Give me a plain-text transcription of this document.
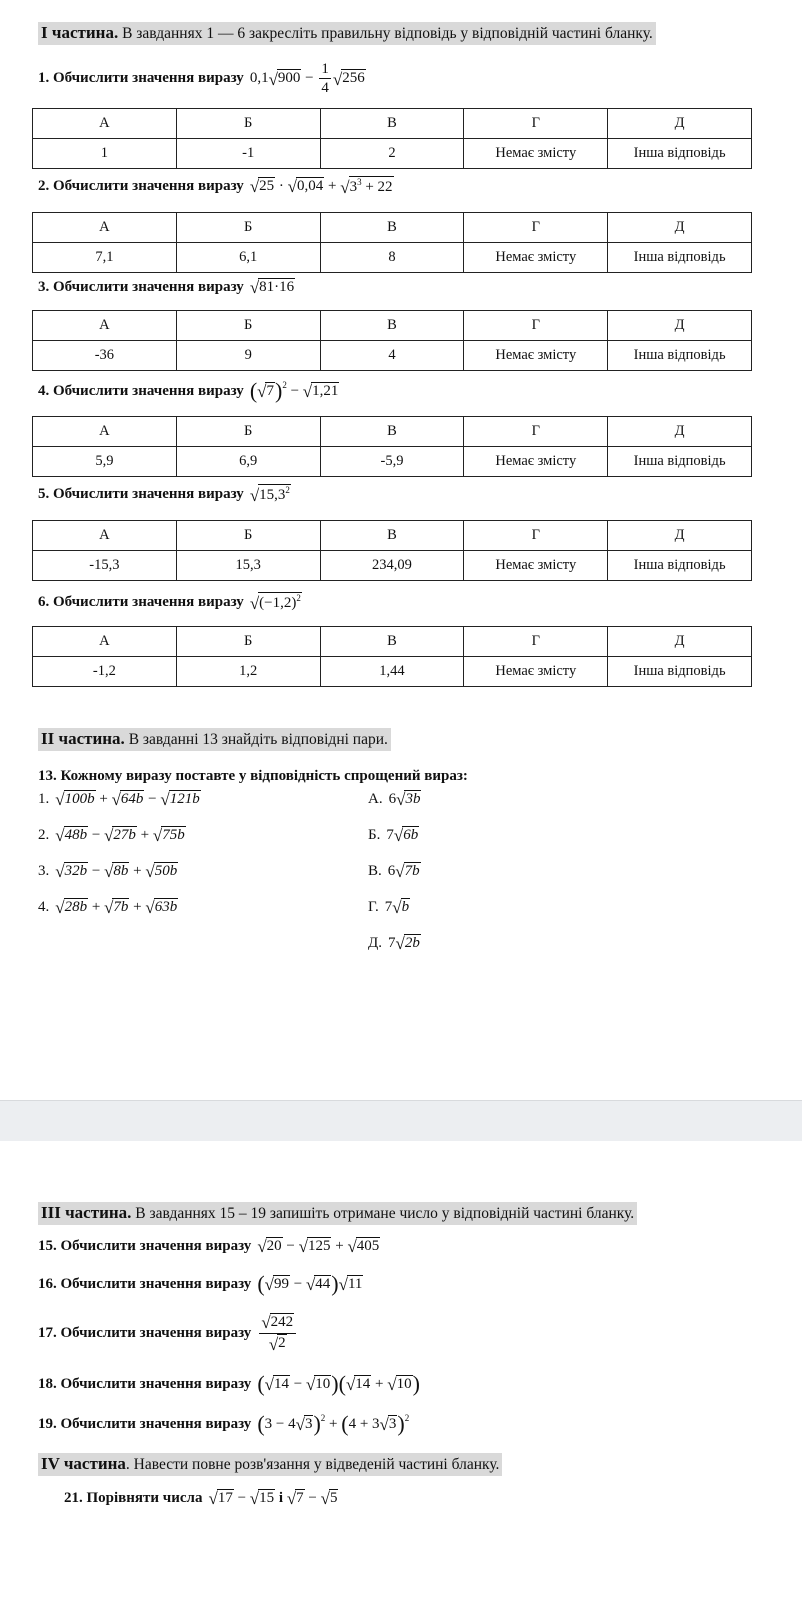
I частина. В завданнях 1 — 6 закресліть правильну відповідь у відповідній частині бланку.
1. Обчислити значення виразу 0,1 √ 900
−
$\frac{1}{4}$ √ 256
А	Б	В	Г	Д
1	-1	2	Немає змісту	Інша відповідь
2. Обчислити значення виразу √ 25
·
√ 0,04
+
√ $3^3 + 22$
А	Б	В	Г	Д
7,1	6,1	8	Немає змісту	Інша відповідь
3. Обчислити значення виразу √ 81·16
А	Б	В	Г	Д
-36	9	4	Немає змісту	Інша відповідь
4. Обчислити значення виразу ( √ 7 )$^2$
−
√ 1,21
А	Б	В	Г	Д
5,9	6,9	-5,9	Немає змісту	Інша відповідь
5. Обчислити значення виразу √ 15,3$^2$
А	Б	В	Г	Д
-15,3	15,3	234,09	Немає змісту	Інша відповідь
6. Обчислити значення виразу √ $(-1,2)^2$
А	Б	В	Г	Д
-1,2	1,2	1,44	Немає змісту	Інша відповідь
II частина. В завданні 13 знайдіть відповідні пари.
13. Кожному виразу поставте у відповідність спрощений вираз:
1. √ 100b
+
√ 64b
−
√ 121b
2. √ 48b
−
√ 27b
+
√ 75b
3. √ 32b
−
√ 8b
+
√ 50b
4. √ 28b
+
√ 7b
+
√ 63b
А. 6 √ 3b
Б. 7 √ 6b
В. 6 √ 7b
Г. 7 √ b
Д. 7 √ 2b
III частина. В завданнях 15 – 19 запишіть отримане число у відповідній частині бланку.
15. Обчислити значення виразу √ 20
−
√ 125
+
√ 405
16. Обчислити значення виразу ( √ 99
−
√ 44 ) √ 11
17. Обчислити значення виразу $\frac{√ 242}{√ 2}$
18. Обчислити значення виразу ( √ 14
−
√ 10 )( √ 14
+
√ 10 )
19. Обчислити значення виразу ( 3 − 4 √ 3 )$^2$
+
( 4 + 3 √ 3 )$^2$
IV частина. Навести повне розв'язання у відведеній частині бланку.
21. Порівняти числа √ 17
−
√ 15
і
√ 7
−
√ 5
